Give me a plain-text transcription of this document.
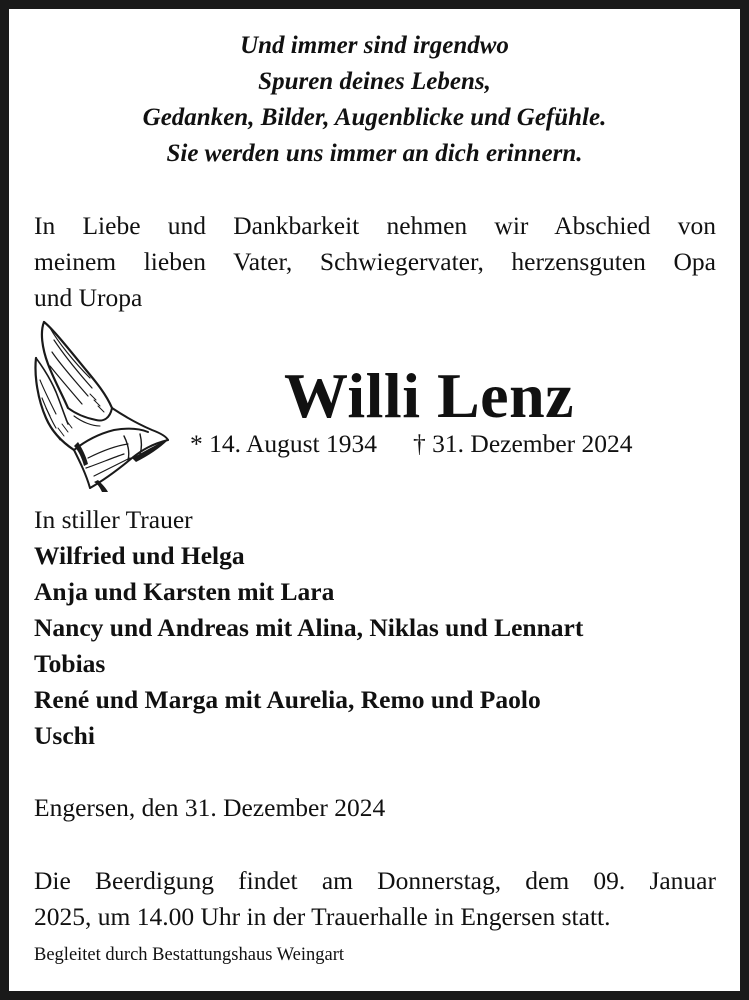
Und immer sind irgendwo
Spuren deines Lebens,
Gedanken, Bilder, Augenblicke und Gefühle.
Sie werden uns immer an dich erinnern.
In Liebe und Dankbarkeit nehmen wir Abschied von
meinem lieben Vater, Schwiegervater, herzensguten Opa
und Uropa
Willi Lenz
* 14. August 1934 † 31. Dezember 2024
In stiller Trauer
Wilfried und Helga
Anja und Karsten mit Lara
Nancy und Andreas mit Alina, Niklas und Lennart
Tobias
René und Marga mit Aurelia, Remo und Paolo
Uschi
Engersen, den 31. Dezember 2024
Die Beerdigung findet am Donnerstag, dem 09. Januar
2025, um 14.00 Uhr in der Trauerhalle in Engersen statt.
Begleitet durch Bestattungshaus Weingart
